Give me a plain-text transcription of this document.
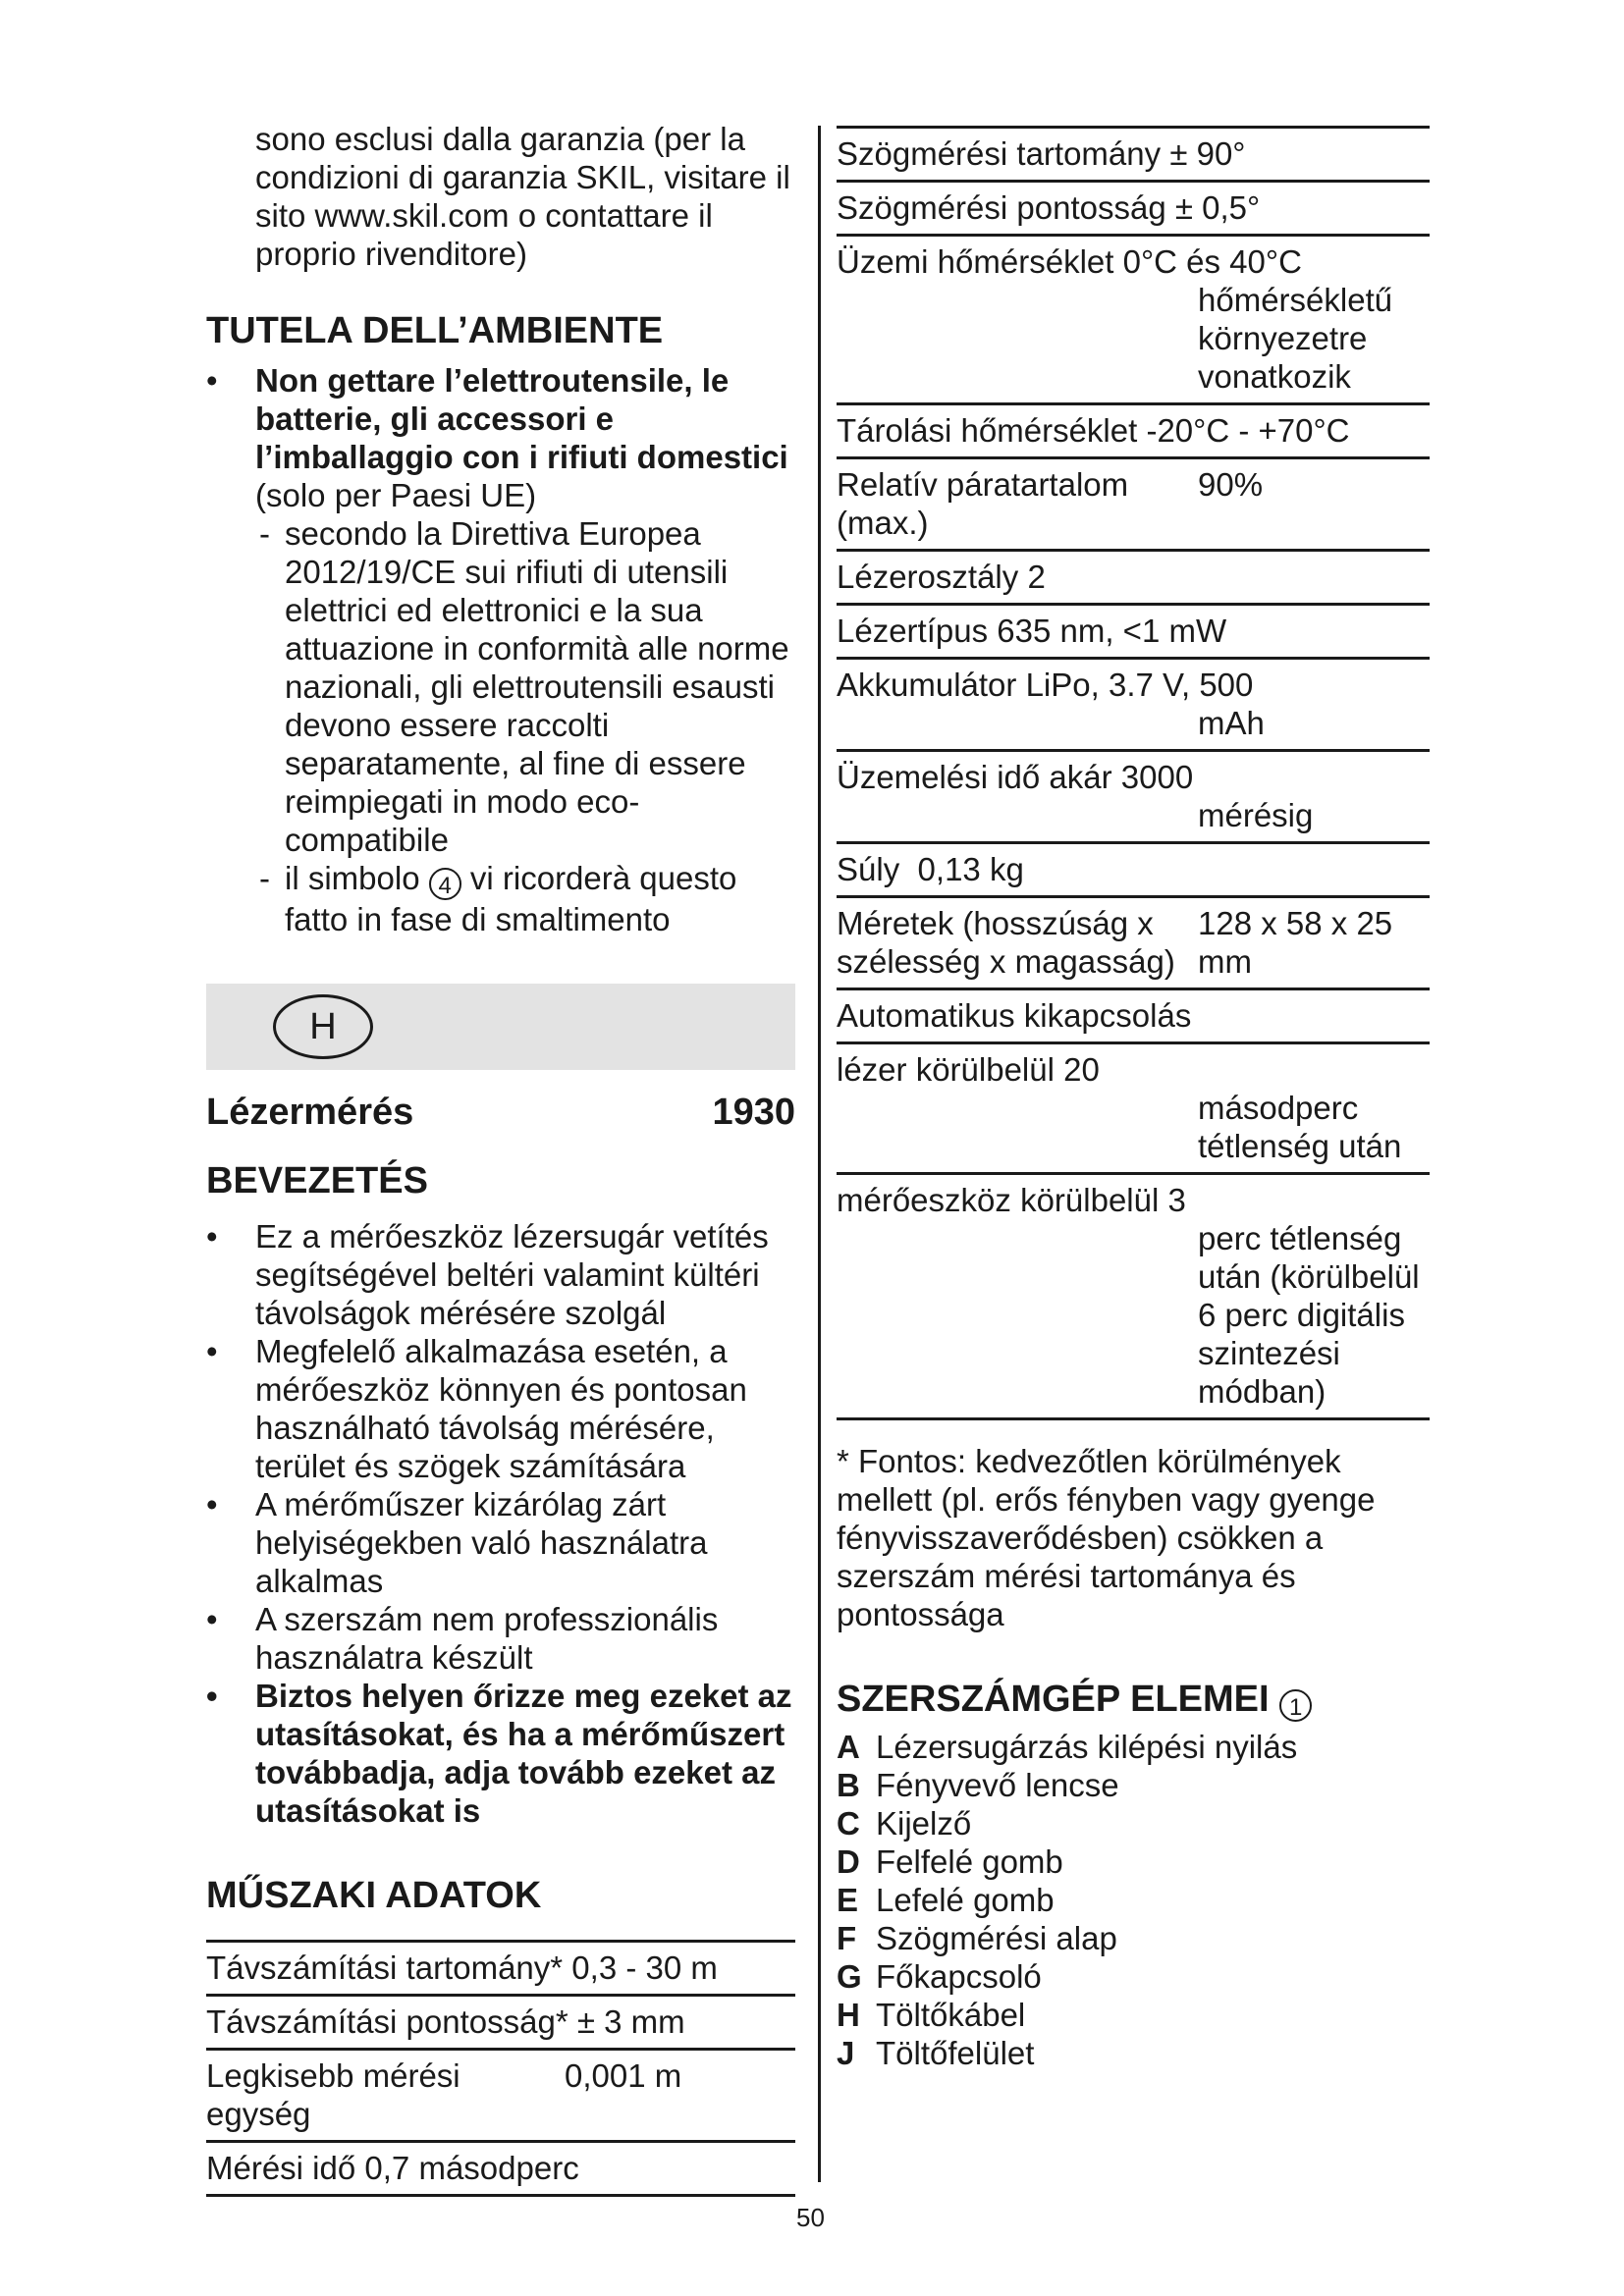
sono esclusi dalla garanzia (per la condizioni di garanzia SKIL, visitare il sito www.skil.com o contattare il proprio rivenditore)
TUTELA DELL’AMBIENTE
• Non gettare l’elettroutensile, le batterie, gli accessori e l’imballaggio con i rifiuti domestici (solo per Paesi UE)
- secondo la Direttiva Europea 2012/19/CE sui rifiuti di utensili elettrici ed elettronici e la sua attuazione in conformità alle norme nazionali, gli elettroutensili esausti devono essere raccolti separatamente, al fine di essere reimpiegati in modo eco-compatibile
- il simbolo 4 vi ricorderà questo fatto in fase di smaltimento
H
Lézermérés	1930
BEVEZETÉS
• Ez a mérőeszköz lézersugár vetítés segítségével beltéri valamint kültéri távolságok mérésére szolgál
• Megfelelő alkalmazása esetén, a mérőeszköz könnyen és pontosan használható távolság mérésére, terület és szögek számítására
• A mérőműszer kizárólag zárt helyiségekben való használatra alkalmas
• A szerszám nem professzionális használatra készült
• Biztos helyen őrizze meg ezeket az utasításokat, és ha a mérőműszert továbbadja, adja tovább ezeket az utasításokat is
MŰSZAKI ADATOK
Távszámítási tartomány* 0,3 - 30 m
Távszámítási pontosság* ± 3 mm
Legkisebb mérési egység
0,001 m
Mérési idő 0,7 másodperc
Szögmérési tartomány ± 90°
Szögmérési pontosság ± 0,5°
Üzemi hőmérséklet 0°C és 40°C
hőmérsékletű környezetre vonatkozik
Tárolási hőmérséklet -20°C - +70°C
Relatív páratartalom (max.)
90%
Lézerosztály 2
Lézertípus 635 nm, <1 mW
Akkumulátor LiPo, 3.7 V, 500
mAh
Üzemelési idő akár 3000
mérésig
Súly 0,13 kg
Méretek (hosszúság x szélesség x magasság)
128 x 58 x 25 mm
Automatikus kikapcsolás
lézer körülbelül 20
másodperc tétlenség után
mérőeszköz körülbelül 3
perc tétlenség után (körülbelül 6 perc digitális szintezési módban)
* Fontos: kedvezőtlen körülmények mellett (pl. erős fényben vagy gyenge fényvisszaverődésben) csökken a szerszám mérési tartománya és pontossága
SZERSZÁMGÉP ELEMEI 1
A Lézersugárzás kilépési nyilás
B Fényvevő lencse
C Kijelző
D Felfelé gomb
E Lefelé gomb
F Szögmérési alap
G Főkapcsoló
H Töltőkábel
J Töltőfelület
50
